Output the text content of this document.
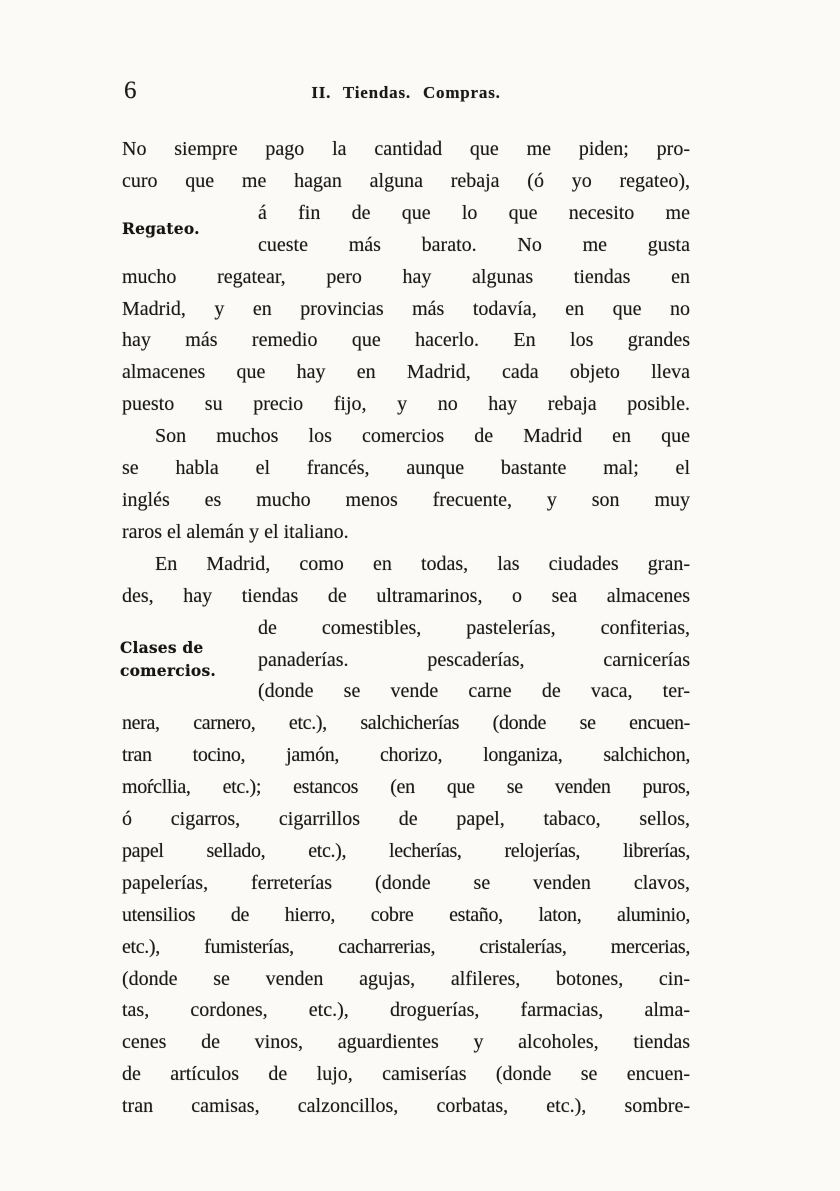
6	II. Tiendas. Compras.
Regateo.
Clases de
comercios.
No siempre pago la cantidad que me piden; pro-
curo que me hagan alguna rebaja (ó yo regateo),
á fin de que lo que necesito me
cueste más barato. No me gusta
mucho regatear, pero hay algunas tiendas en
Madrid, y en provincias más todavía, en que no
hay más remedio que hacerlo. En los grandes
almacenes que hay en Madrid, cada objeto lleva
puesto su precio fijo, y no hay rebaja posible.
Son muchos los comercios de Madrid en que
se habla el francés, aunque bastante mal; el
inglés es mucho menos frecuente, y son muy
raros el alemán y el italiano.
En Madrid, como en todas, las ciudades gran-
des, hay tiendas de ultramarinos, o sea almacenes
de comestibles, pastelerías, confiterias,
panaderías. pescaderías, carnicerías
(donde se vende carne de vaca, ter-
nera, carnero, etc.), salchicherías (donde se encuen-
tran tocino, jamón, chorizo, longaniza, salchichon,
moŕcllia, etc.); estancos (en que se venden puros,
ó cigarros, cigarrillos de papel, tabaco, sellos,
papel sellado, etc.), lecherías, relojerías, librerías,
papelerías, ferreterías (donde se venden clavos,
utensilios de hierro, cobre estaño, laton, aluminio,
etc.), fumisterías, cacharrerias, cristalerías, mercerias,
(donde se venden agujas, alfileres, botones, cin-
tas, cordones, etc.), droguerías, farmacias, alma-
cenes de vinos, aguardientes y alcoholes, tiendas
de artículos de lujo, camiserías (donde se encuen-
tran camisas, calzoncillos, corbatas, etc.), sombre-
